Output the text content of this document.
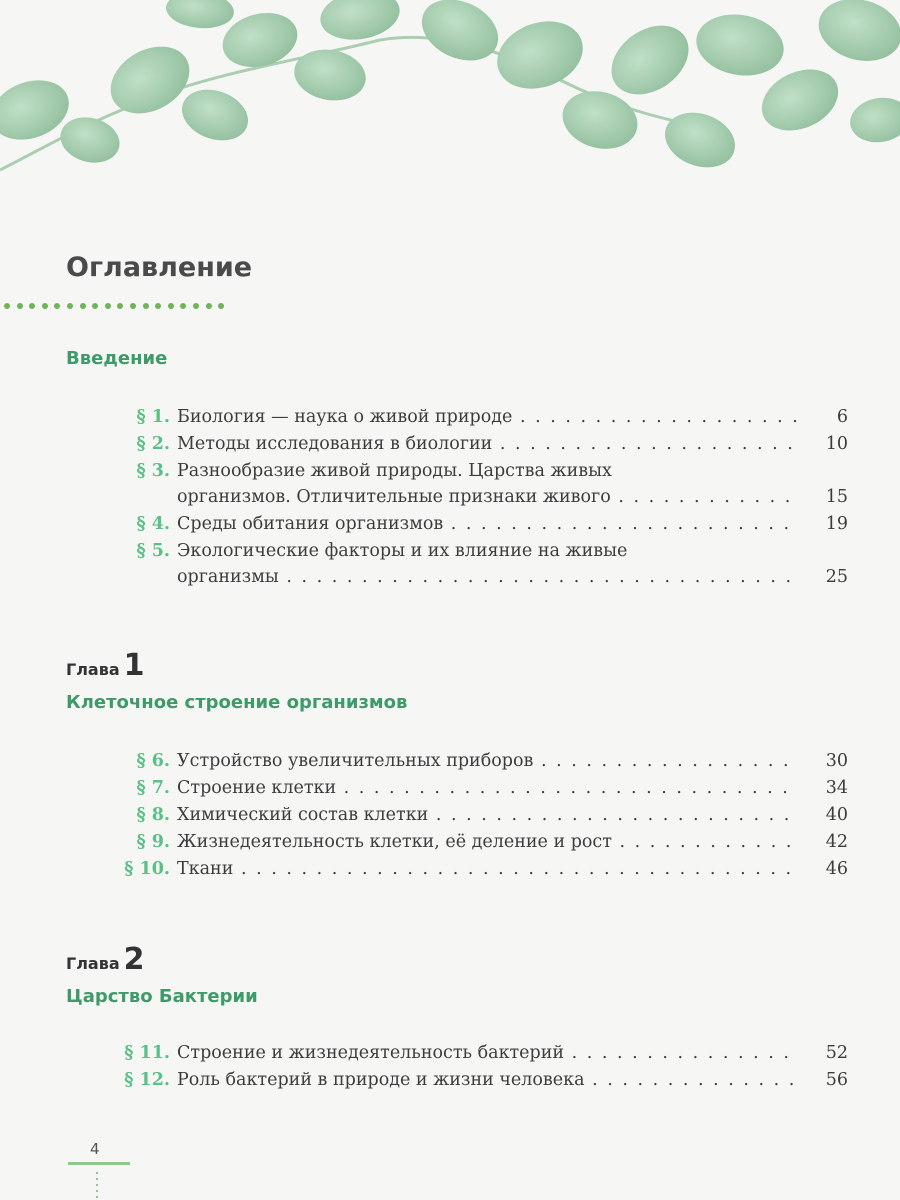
Оглавление
Введение
§ 1. Биология — наука о живой природе . . .	6
§ 2. Методы исследования в биологии . . .	10
§ 3. Разнообразие живой природы. Царства живых
организмов. Отличительные признаки живого . . .	15
§ 4. Среды обитания организмов . . .	19
§ 5. Экологические факторы и их влияние на живые
организмы . . .	25
Глава 1
Клеточное строение организмов
§ 6. Устройство увеличительных приборов . . .	30
§ 7. Строение клетки . . .	34
§ 8. Химический состав клетки . . .	40
§ 9. Жизнедеятельность клетки, её деление и рост . . .	42
§ 10. Ткани . . .	46
Глава 2
Царство Бактерии
§ 11. Строение и жизнедеятельность бактерий . . .	52
§ 12. Роль бактерий в природе и жизни человека . . .	56
4
